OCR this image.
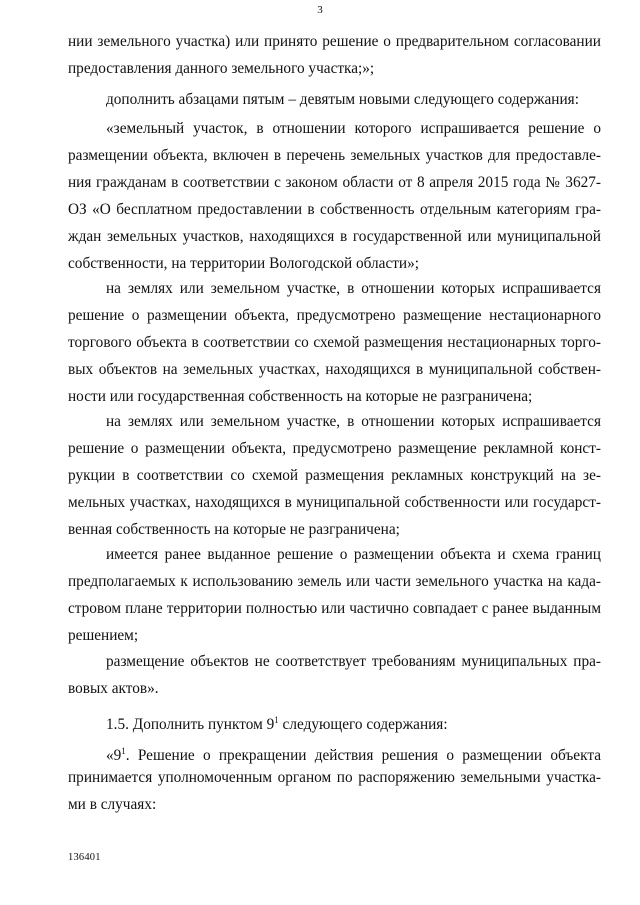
3
нии земельного участка) или принято решение о предварительном согласовании
предоставления данного земельного участка;»;
дополнить абзацами пятым – девятым новыми следующего содержания:
«земельный участок, в отношении которого испрашивается решение о
размещении объекта, включен в перечень земельных участков для предоставле-
ния гражданам в соответствии с законом области от 8 апреля 2015 года № 3627-
ОЗ «О бесплатном предоставлении в собственность отдельным категориям гра-
ждан земельных участков, находящихся в государственной или муниципальной
собственности, на территории Вологодской области»;
на землях или земельном участке, в отношении которых испрашивается
решение о размещении объекта, предусмотрено размещение нестационарного
торгового объекта в соответствии со схемой размещения нестационарных торго-
вых объектов на земельных участках, находящихся в муниципальной собствен-
ности или государственная собственность на которые не разграничена;
на землях или земельном участке, в отношении которых испрашивается
решение о размещении объекта, предусмотрено размещение рекламной конст-
рукции в соответствии со схемой размещения рекламных конструкций на зе-
мельных участках, находящихся в муниципальной собственности или государст-
венная собственность на которые не разграничена;
имеется ранее выданное решение о размещении объекта и схема границ
предполагаемых к использованию земель или части земельного участка на када-
стровом плане территории полностью или частично совпадает с ранее выданным
решением;
размещение объектов не соответствует требованиям муниципальных пра-
вовых актов».
1.5. Дополнить пунктом $9^1$ следующего содержания:
«$9^1$. Решение о прекращении действия решения о размещении объекта
принимается уполномоченным органом по распоряжению земельными участка-
ми в случаях:
136401
